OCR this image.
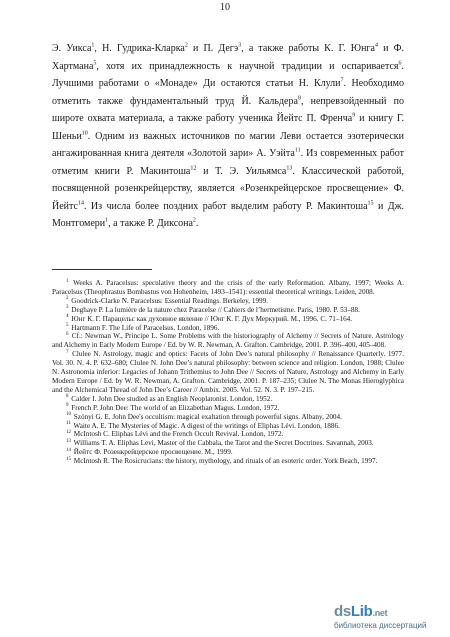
10

Э. Уикса$^1$, Н. Гудрика-Кларка$^2$ и П. Дегэ$^3$, а также работы К. Г. Юнга$^4$ и Ф. Хартмана$^5$, хотя их принадлежность к научной традиции и оспаривается$^6$. Лучшими работами о «Монаде» Ди остаются статьи Н. Клули$^7$. Необходимо отметить также фундаментальный труд Й. Кальдера$^8$, непревзойденный по широте охвата материала, а также работу ученика Йейтс П. Френча$^9$ и книгу Г. Шеньи$^{10}$. Одним из важных источников по магии Леви остается эзотерически ангажированная книга деятеля «Золотой зари» А. Уэйта$^{11}$. Из современных работ отметим книги Р. Макинтоша$^{12}$ и Т. Э. Уильямса$^{13}$. Классической работой, посвященной розенкрейцерству, является «Розенкрейцерское просвещение» Ф. Йейтс$^{14}$. Из числа более поздних работ выделим работу Р. Макинтоша$^{15}$ и Дж. Монтгомери$^1$, а также Р. Диксона$^2$.

$^1$ Weeks A. Paracelsus: speculative theory and the crisis of the early Reformation. Albany, 1997; Weeks A. Paracelsus (Theophrastus Bombastus von Hohenheim, 1493–1541): essential theoretical writings. Leiden, 2008.

$^2$ Goodrick-Clarke N. Paracelsus: Essential Readings. Berkeley, 1999.

$^3$ Deghaye P. La lumière de la nature chez Paracelse // Cahiers de l’hermetisme. Paris, 1980. P. 53–88.

$^4$ Юнг К. Г. Парацельс как духовное явление // Юнг К. Г. Дух Меркурий. М., 1996. С. 71–164.

$^5$ Hartmann F. The Life of Paracelsus. London, 1896.

$^6$ Cf.: Newman W., Principe L. Some Problems with the historiography of Alchemy // Secrets of Nature. Astrology and Alchemy in Early Modern Europe / Ed. by W. R. Newman, A. Grafton. Cambridge, 2001. P. 396–400, 405–408.

$^7$ Clulee N. Astrology, magic and optics: Facets of John Dee’s natural philosophy // Renaissance Quarterly. 1977. Vol. 30. N. 4. P. 632–680; Clulee N. John Dee’s natural philosophy: between science and religion. London, 1988; Clulee N. Astronomia inferior: Legacies of Johann Trithemius to John Dee // Secrets of Nature, Astrology and Alchemy in Early Modern Europe / Ed. by W. R. Newman, A. Grafton. Cambridge, 2001. P. 187–235; Clulee N. The Monas Hieroglyphica and the Alchemical Thread of John Dee’s Career // Ambix. 2005. Vol. 52. N. 3. P. 197–215.

$^8$ Calder I. John Dee studied as an English Neoplatonist. London, 1952.

$^9$ French P. John Dee: The world of an Elizabethan Magus. London, 1972.

$^{10}$ Szönyi G. E. John Dee's occultism: magical exaltation through powerful signs. Albany, 2004.

$^{11}$ Waite A. E. The Mysteries of Magic. A digest of the writings of Eliphas Lévi. London, 1886.

$^{12}$ McIntosh C. Eliphas Lévi and the French Occult Revival. London, 1972.

$^{13}$ Williams T. A. Eliphas Levi, Master of the Cabbala, the Tarot and the Secret Doctrines. Savannah, 2003.

$^{14}$ Йейтс Ф. Розенкрейцерское просвещение. М., 1999.

$^{15}$ McIntosh R. The Rosicrucians: the history, mythology, and rituals of an esoteric order. York Beach, 1997.

dsLib.net
библиотека диссертаций
